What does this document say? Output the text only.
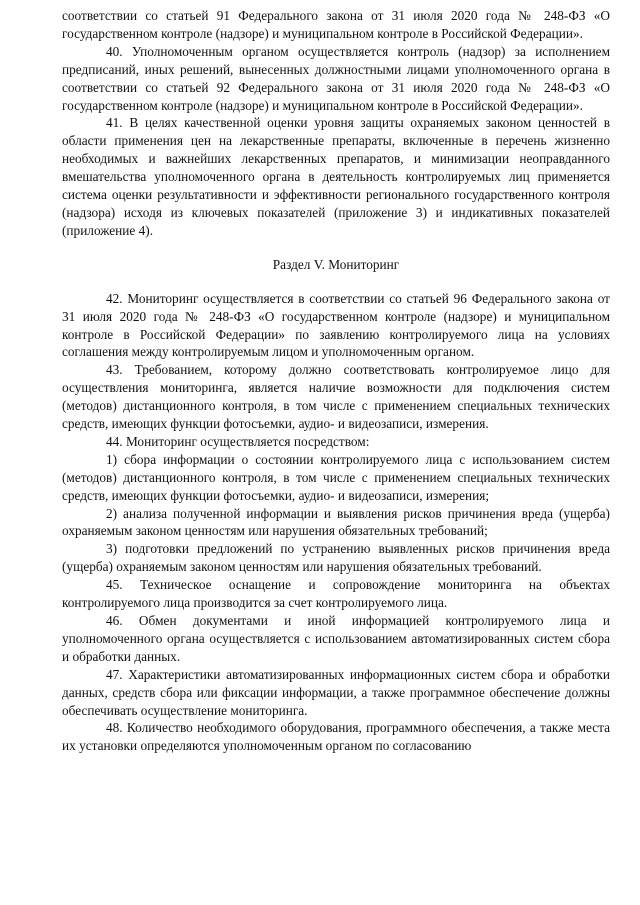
соответствии со статьей 91 Федерального закона от 31 июля 2020 года № 248-ФЗ «О государственном контроле (надзоре) и муниципальном контроле в Российской Федерации».

40. Уполномоченным органом осуществляется контроль (надзор) за исполнением предписаний, иных решений, вынесенных должностными лицами уполномоченного органа в соответствии со статьей 92 Федерального закона от 31 июля 2020 года № 248-ФЗ «О государственном контроле (надзоре) и муниципальном контроле в Российской Федерации».

41. В целях качественной оценки уровня защиты охраняемых законом ценностей в области применения цен на лекарственные препараты, включенные в перечень жизненно необходимых и важнейших лекарственных препаратов, и минимизации неоправданного вмешательства уполномоченного органа в деятельность контролируемых лиц применяется система оценки результативности и эффективности регионального государственного контроля (надзора) исходя из ключевых показателей (приложение 3) и индикативных показателей (приложение 4).

Раздел V. Мониторинг

42. Мониторинг осуществляется в соответствии со статьей 96 Федерального закона от 31 июля 2020 года № 248-ФЗ «О государственном контроле (надзоре) и муниципальном контроле в Российской Федерации» по заявлению контролируемого лица на условиях соглашения между контролируемым лицом и уполномоченным органом.

43. Требованием, которому должно соответствовать контролируемое лицо для осуществления мониторинга, является наличие возможности для подключения систем (методов) дистанционного контроля, в том числе с применением специальных технических средств, имеющих функции фотосъемки, аудио- и видеозаписи, измерения.

44. Мониторинг осуществляется посредством:

1) сбора информации о состоянии контролируемого лица с использованием систем (методов) дистанционного контроля, в том числе с применением специальных технических средств, имеющих функции фотосъемки, аудио- и видеозаписи, измерения;

2) анализа полученной информации и выявления рисков причинения вреда (ущерба) охраняемым законом ценностям или нарушения обязательных требований;

3) подготовки предложений по устранению выявленных рисков причинения вреда (ущерба) охраняемым законом ценностям или нарушения обязательных требований.

45. Техническое оснащение и сопровождение мониторинга на объектах контролируемого лица производится за счет контролируемого лица.

46. Обмен документами и иной информацией контролируемого лица и уполномоченного органа осуществляется с использованием автоматизированных систем сбора и обработки данных.

47. Характеристики автоматизированных информационных систем сбора и обработки данных, средств сбора или фиксации информации, а также программное обеспечение должны обеспечивать осуществление мониторинга.

48. Количество необходимого оборудования, программного обеспечения, а также места их установки определяются уполномоченным органом по согласованию
